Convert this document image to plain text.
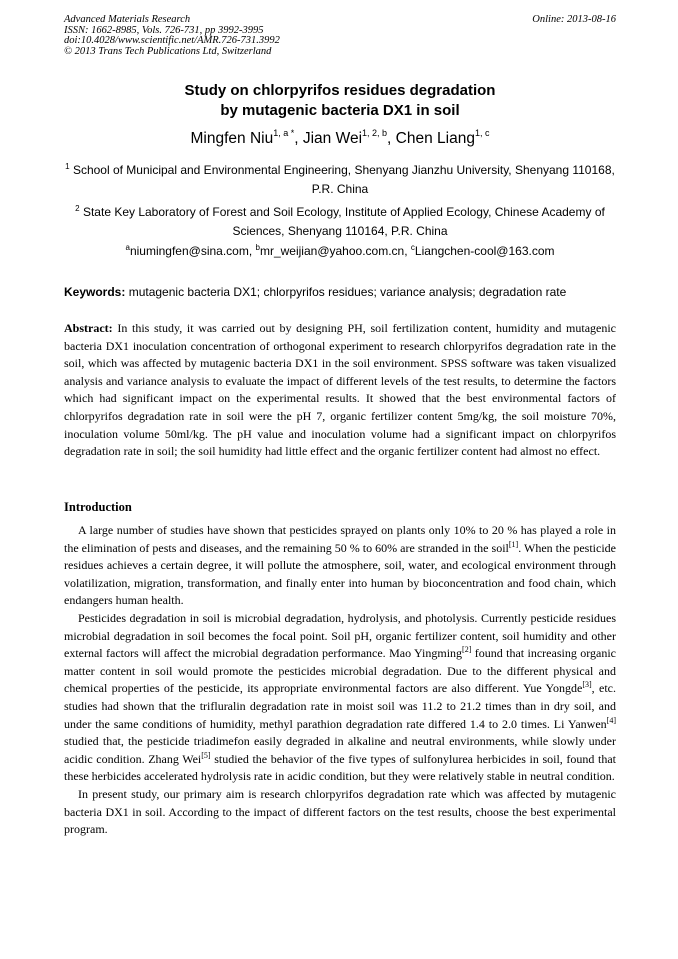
Advanced Materials Research
ISSN: 1662-8985, Vols. 726-731, pp 3992-3995
doi:10.4028/www.scientific.net/AMR.726-731.3992
© 2013 Trans Tech Publications Ltd, Switzerland
Online: 2013-08-16
Study on chlorpyrifos residues degradation
by mutagenic bacteria DX1 in soil
Mingfen Niu$^{1, a *}$, Jian Wei$^{1, 2, b}$, Chen Liang$^{1, c}$
$^1$ School of Municipal and Environmental Engineering, Shenyang Jianzhu University, Shenyang 110168, P.R. China
$^2$ State Key Laboratory of Forest and Soil Ecology, Institute of Applied Ecology, Chinese Academy of Sciences, Shenyang 110164, P.R. China
$^a$niumingfen@sina.com, $^b$mr_weijian@yahoo.com.cn, $^c$Liangchen-cool@163.com
Keywords: mutagenic bacteria DX1; chlorpyrifos residues; variance analysis; degradation rate
Abstract: In this study, it was carried out by designing PH, soil fertilization content, humidity and mutagenic bacteria DX1 inoculation concentration of orthogonal experiment to research chlorpyrifos degradation rate in the soil, which was affected by mutagenic bacteria DX1 in the soil environment. SPSS software was taken visualized analysis and variance analysis to evaluate the impact of different levels of the test results, to determine the factors which had significant impact on the experimental results. It showed that the best environmental factors of chlorpyrifos degradation rate in soil were the pH 7, organic fertilizer content 5mg/kg, the soil moisture 70%, inoculation volume 50ml/kg. The pH value and inoculation volume had a significant impact on chlorpyrifos degradation rate in soil; the soil humidity had little effect and the organic fertilizer content had almost no effect.
Introduction

A large number of studies have shown that pesticides sprayed on plants only 10% to 20 % has played a role in the elimination of pests and diseases, and the remaining 50 % to 60% are stranded in the soil[1]. When the pesticide residues achieves a certain degree, it will pollute the atmosphere, soil, water, and ecological environment through volatilization, migration, transformation, and finally enter into human by bioconcentration and food chain, which endangers human health.

Pesticides degradation in soil is microbial degradation, hydrolysis, and photolysis. Currently pesticide residues microbial degradation in soil becomes the focal point. Soil pH, organic fertilizer content, soil humidity and other external factors will affect the microbial degradation performance. Mao Yingming[2] found that increasing organic matter content in soil would promote the pesticides microbial degradation. Due to the different physical and chemical properties of the pesticide, its appropriate environmental factors are also different. Yue Yongde[3], etc. studies had shown that the trifluralin degradation rate in moist soil was 11.2 to 21.2 times than in dry soil, and under the same conditions of humidity, methyl parathion degradation rate differed 1.4 to 2.0 times. Li Yanwen[4] studied that, the pesticide triadimefon easily degraded in alkaline and neutral environments, while slowly under acidic condition. Zhang Wei[5] studied the behavior of the five types of sulfonylurea herbicides in soil, found that these herbicides accelerated hydrolysis rate in acidic condition, but they were relatively stable in neutral condition.

In present study, our primary aim is research chlorpyrifos degradation rate which was affected by mutagenic bacteria DX1 in soil. According to the impact of different factors on the test results, choose the best experimental program.
